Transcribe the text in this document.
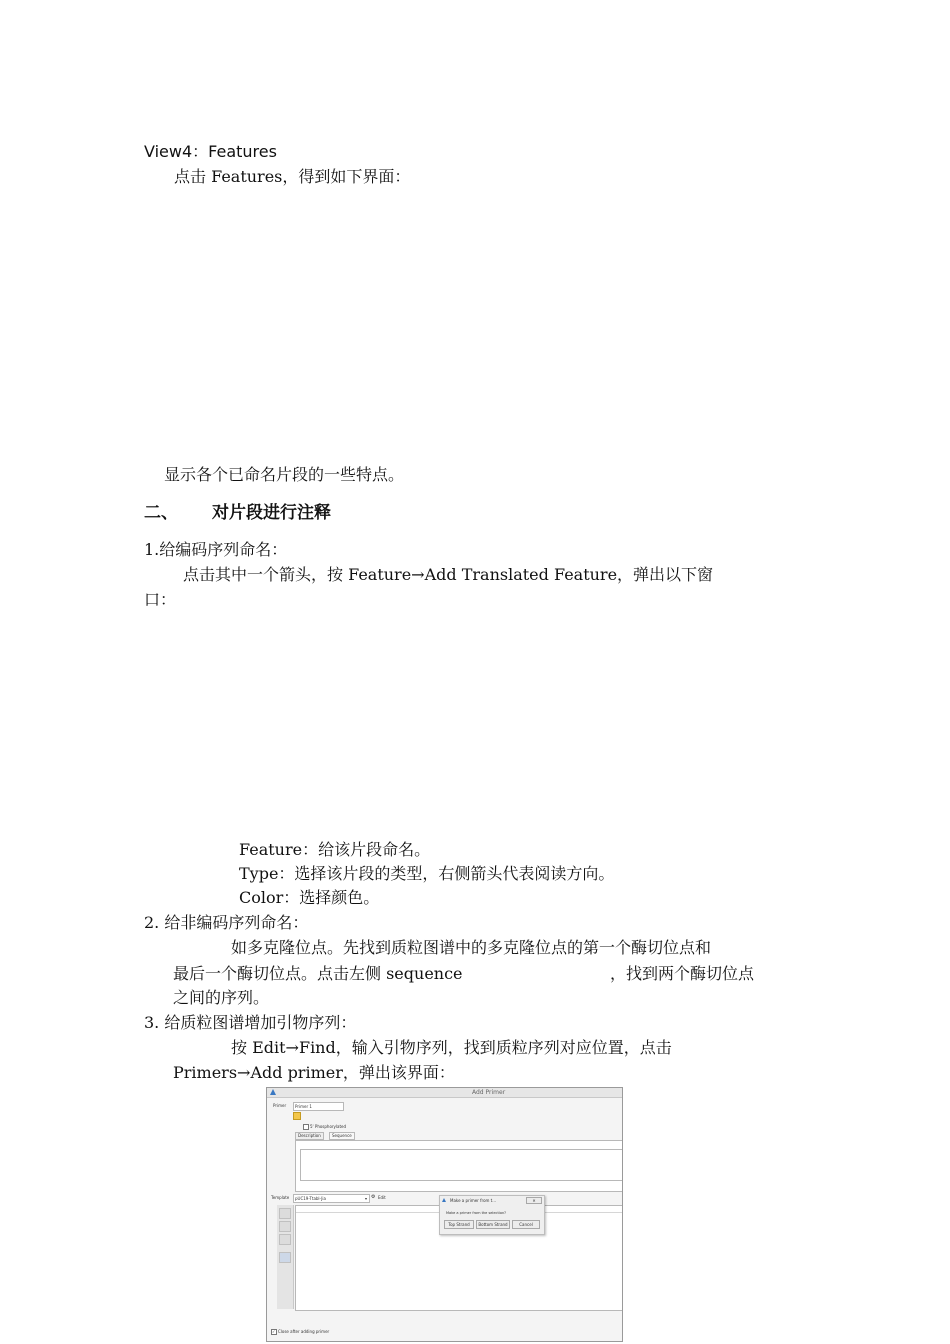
View4：Features
点击 Features，得到如下界面：
显示各个已命名片段的一些特点。
二、 对片段进行注释
1.给编码序列命名：
点击其中一个箭头，按 Feature→Add Translated Feature，弹出以下窗
口：
Feature：给该片段命名。
Type：选择该片段的类型，右侧箭头代表阅读方向。
Color：选择颜色。
2. 给非编码序列命名：
如多克隆位点。先找到质粒图谱中的多克隆位点的第一个酶切位点和
最后一个酶切位点。点击左侧 sequence	，找到两个酶切位点
之间的序列。
3. 给质粒图谱增加引物序列：
按 Edit→Find，输入引物序列，找到质粒序列对应位置，点击
Primers→Add primer，弹出该界面：
Add Primer
Primer	Primer 1
5' Phosphorylated
Description	Sequence
Template	pUC19-Ttabl-Jia	▾ ⚙ Edit
Make a primer from t...	✕
Make a primer from the selection?
Top Strand	Bottom Strand	Cancel
✓ Close after adding primer
